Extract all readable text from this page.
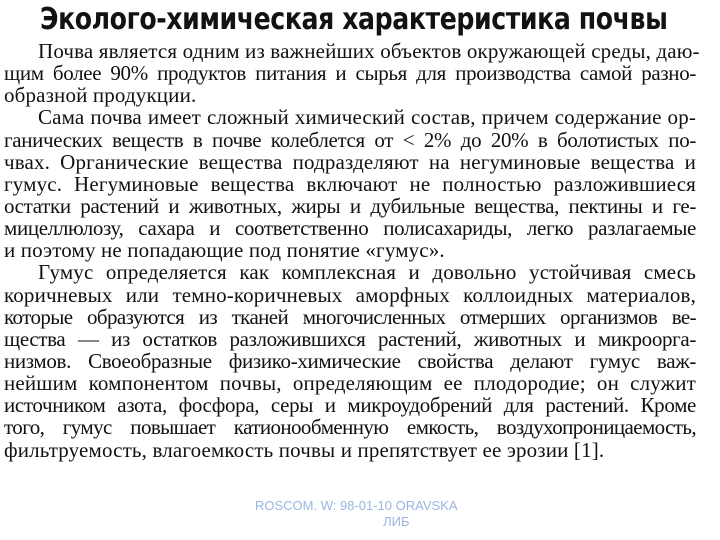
Эколого-химическая характеристика почвы
Почва является одним из важнейших объектов окружающей среды, даю-
щим более 90% продуктов питания и сырья для производства самой разно-
образной продукции.
Сама почва имеет сложный химический состав, причем содержание ор-
ганических веществ в почве колеблется от < 2% до 20% в болотистых по-
чвах. Органические вещества подразделяют на негуминовые вещества и
гумус. Негуминовые вещества включают не полностью разложившиеся
остатки растений и животных, жиры и дубильные вещества, пектины и ге-
мицеллюлозу, сахара и соответственно полисахариды, легко разлагаемые
и поэтому не попадающие под понятие «гумус».
Гумус определяется как комплексная и довольно устойчивая смесь
коричневых или темно-коричневых аморфных коллоидных материалов,
которые образуются из тканей многочисленных отмерших организмов ве-
щества — из остатков разложившихся растений, животных и микроорга-
низмов. Своеобразные физико-химические свойства делают гумус важ-
нейшим компонентом почвы, определяющим ее плодородие; он служит
источником азота, фосфора, серы и микроудобрений для растений. Кроме
того, гумус повышает катионообменную емкость, воздухопроницаемость,
фильтруемость, влагоемкость почвы и препятствует ее эрозии [1].
ROSCOM. W: 98-01-10 ORAVSKA
ЛИБ
